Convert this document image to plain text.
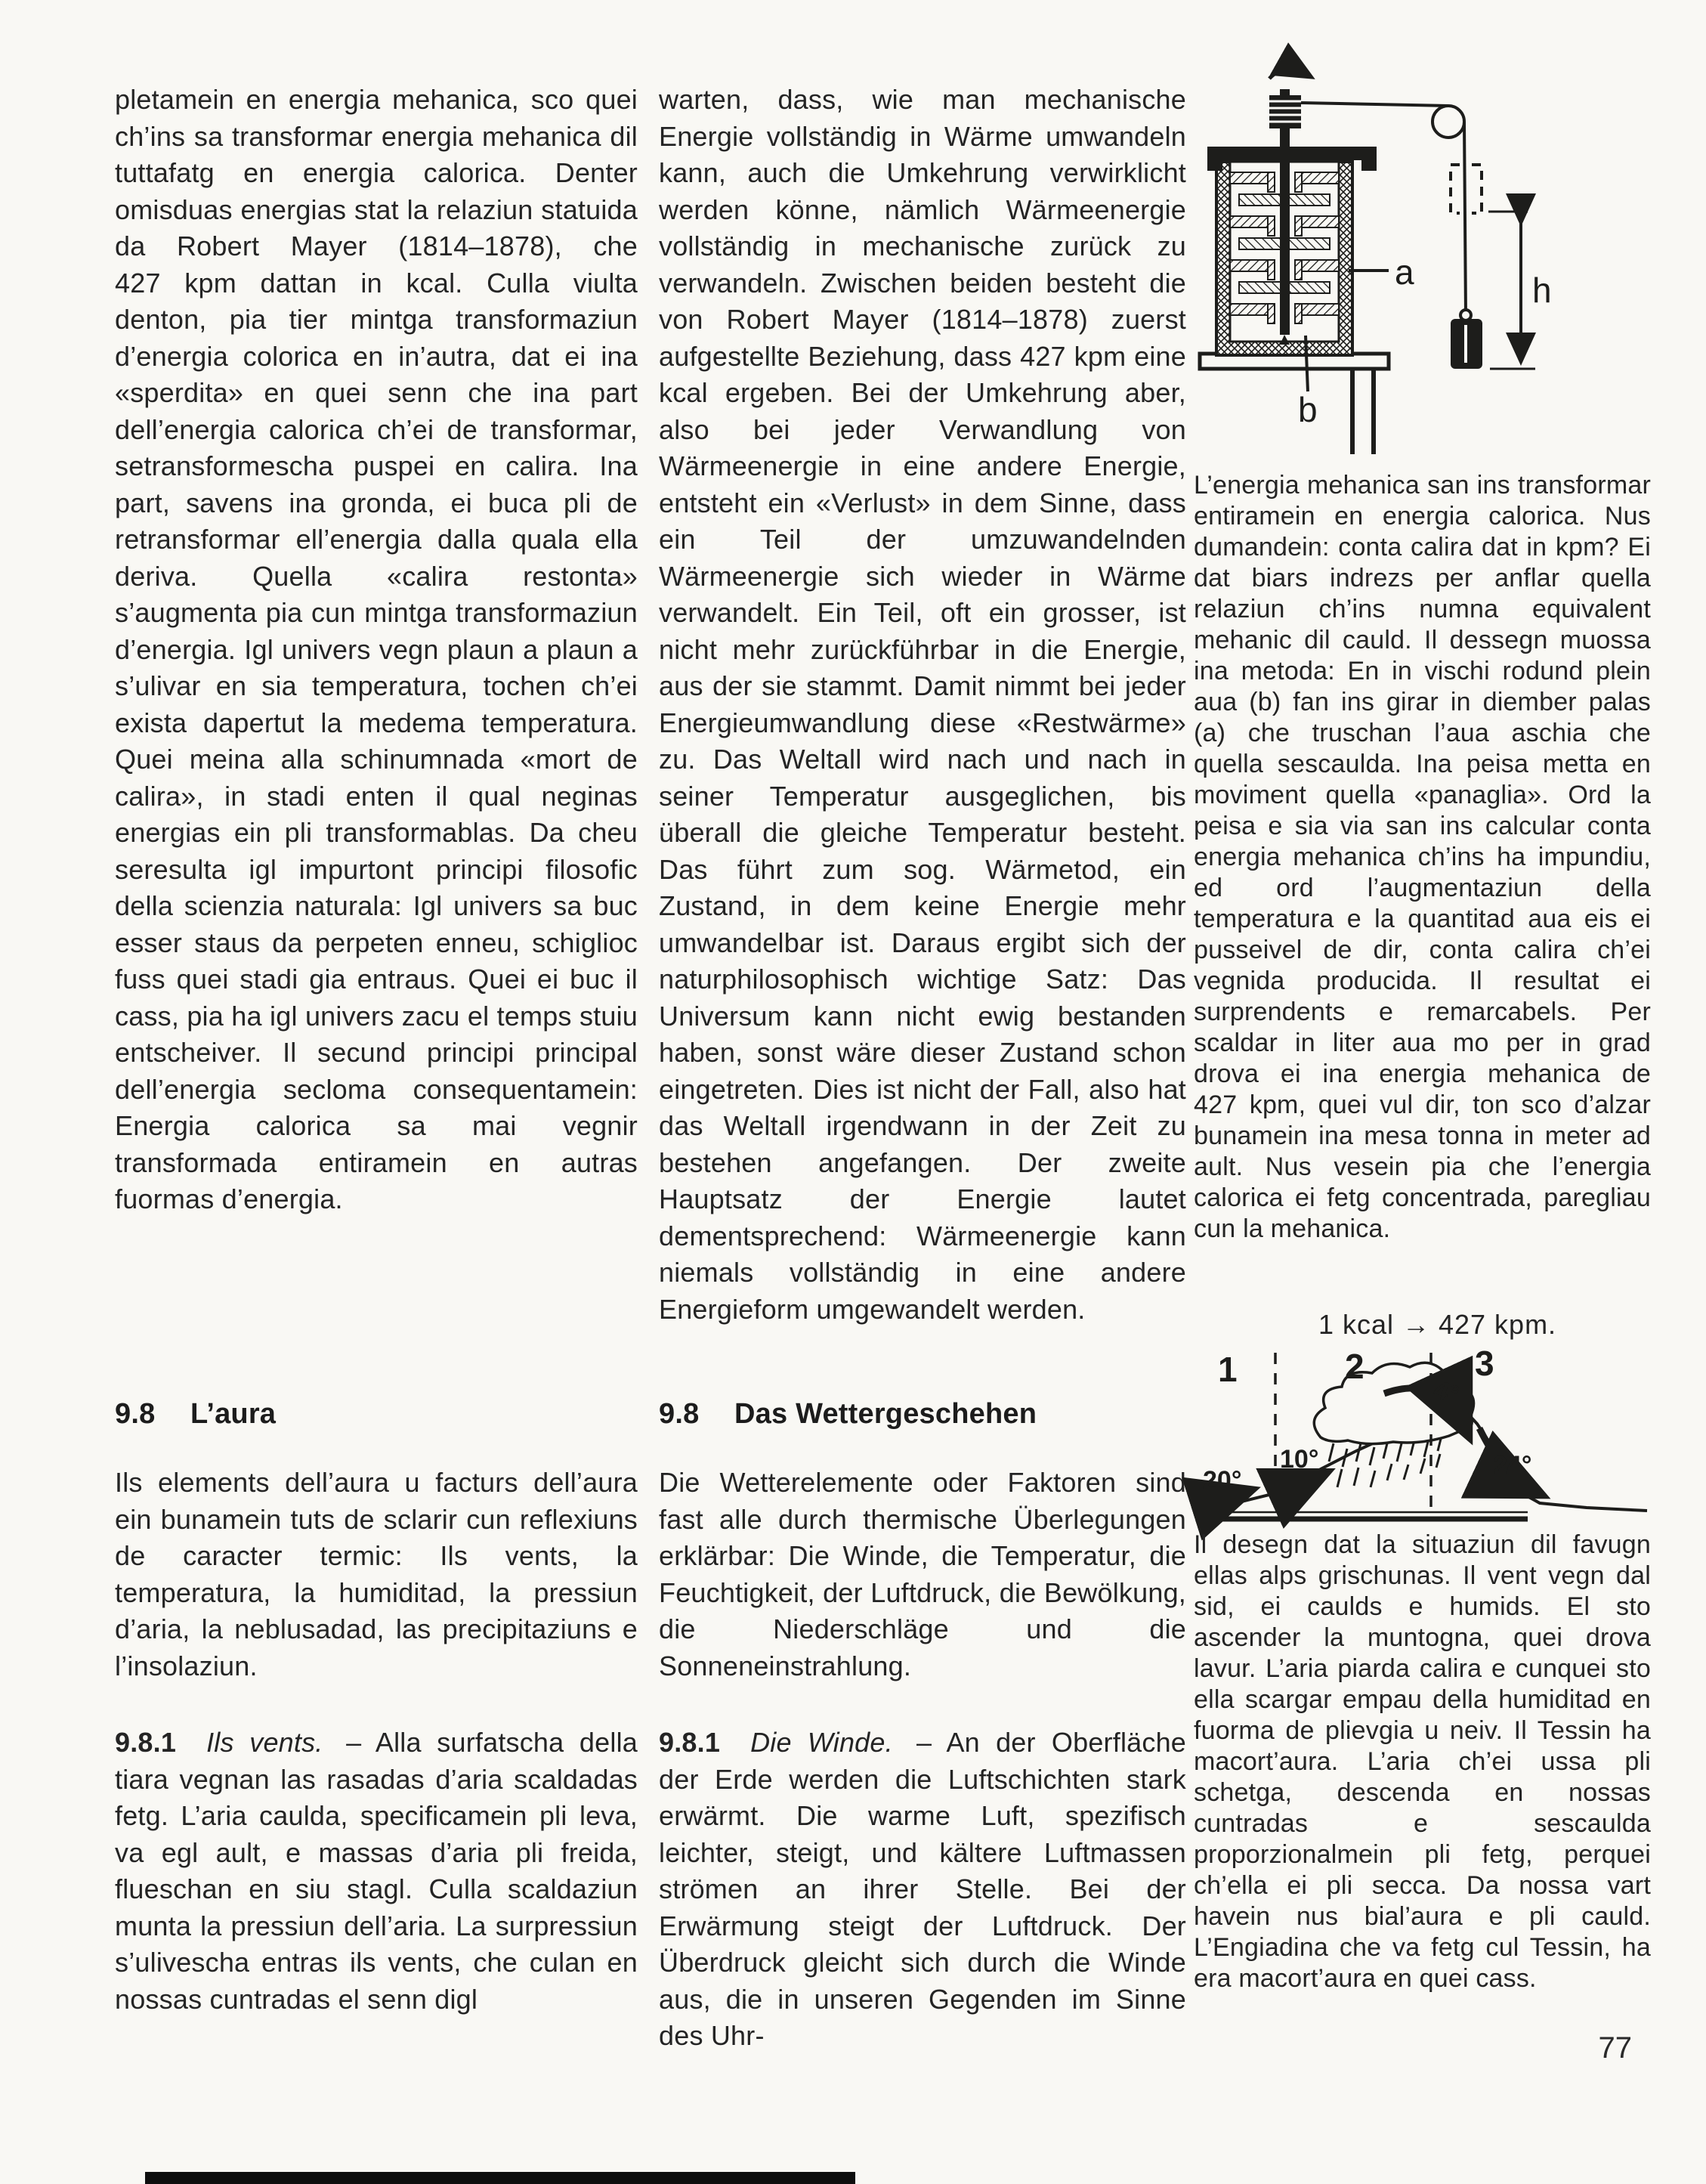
pletamein en energia mehanica, sco quei ch’ins sa transformar energia mehanica dil tuttafatg en energia calorica. Denter omisduas energias stat la relaziun statuida da Robert Mayer (1814–1878), che 427 kpm dattan in kcal. Culla viulta denton, pia tier mintga transformaziun d’energia colorica en in’autra, dat ei ina «sperdita» en quei senn che ina part dell’energia calorica ch’ei de transformar, setransformescha puspei en calira. Ina part, savens ina gronda, ei buca pli de retransformar ell’energia dalla quala ella deriva. Quella «calira restonta» s’augmenta pia cun mintga transformaziun d’energia. Igl univers vegn plaun a plaun a s’ulivar en sia temperatura, tochen ch’ei exista dapertut la medema temperatura. Quei meina alla schinumnada «mort de calira», in stadi enten il qual neginas energias ein pli transformablas. Da cheu seresulta igl impurtont principi filosofic della scienzia naturala: Igl univers sa buc esser staus da perpeten enneu, schiglioc fuss quei stadi gia entraus. Quei ei buc il cass, pia ha igl univers zacu el temps stuiu entscheiver. Il secund principi principal dell’energia secloma consequentamein: Energia calorica sa mai vegnir transformada entiramein en autras fuormas d’energia.

9.8 L’aura

Ils elements dell’aura u facturs dell’aura ein bunamein tuts de sclarir cun reflexiuns de caracter termic: Ils vents, la temperatura, la humiditad, la pressiun d’aria, la neblusadad, las precipitaziuns e l’insolaziun.

9.8.1 Ils vents. – Alla surfatscha della tiara vegnan las rasadas d’aria scaldadas fetg. L’aria caulda, specificamein pli leva, va egl ault, e massas d’aria pli freida, flueschan en siu stagl. Culla scaldaziun munta la pressiun dell’aria. La surpressiun s’ulivescha entras ils vents, che culan en nossas cuntradas el senn digl

warten, dass, wie man mechanische Energie vollständig in Wärme umwandeln kann, auch die Umkehrung verwirklicht werden könne, nämlich Wärmeenergie vollständig in mechanische zurück zu verwandeln. Zwischen beiden besteht die von Robert Mayer (1814–1878) zuerst aufgestellte Beziehung, dass 427 kpm eine kcal ergeben. Bei der Umkehrung aber, also bei jeder Verwandlung von Wärmeenergie in eine andere Energie, entsteht ein «Verlust» in dem Sinne, dass ein Teil der umzuwandelnden Wärmeenergie sich wieder in Wärme verwandelt. Ein Teil, oft ein grosser, ist nicht mehr zurückführbar in die Energie, aus der sie stammt. Damit nimmt bei jeder Energieumwandlung diese «Restwärme» zu. Das Weltall wird nach und nach in seiner Temperatur ausgeglichen, bis überall die gleiche Temperatur besteht. Das führt zum sog. Wärmetod, ein Zustand, in dem keine Energie mehr umwandelbar ist. Daraus ergibt sich der naturphilosophisch wichtige Satz: Das Universum kann nicht ewig bestanden haben, sonst wäre dieser Zustand schon eingetreten. Dies ist nicht der Fall, also hat das Weltall irgendwann in der Zeit zu bestehen angefangen. Der zweite Hauptsatz der Energie lautet dementsprechend: Wärmeenergie kann niemals vollständig in eine andere Energieform umgewandelt werden.

9.8 Das Wettergeschehen

Die Wetterelemente oder Faktoren sind fast alle durch thermische Überlegungen erklärbar: Die Winde, die Temperatur, die Feuchtigkeit, der Luftdruck, die Bewölkung, die Niederschläge und die Sonneneinstrahlung.

9.8.1 Die Winde. – An der Oberfläche der Erde werden die Luftschichten stark erwärmt. Die warme Luft, spezifisch leichter, steigt, und kältere Luftmassen strömen an ihrer Stelle. Bei der Erwärmung steigt der Luftdruck. Der Überdruck gleicht sich durch die Winde aus, die in unseren Gegenden im Sinne des Uhr-

a
b
h

L’energia mehanica san ins transformar entiramein en energia calorica. Nus dumandein: conta calira dat in kpm? Ei dat biars indrezs per anflar quella relaziun ch’ins numna equivalent mehanic dil cauld. Il dessegn muossa ina metoda: En in vischi rodund plein aua (b) fan ins girar in diember palas (a) che truschan l’aua aschia che quella sescaulda. Ina peisa metta en moviment quella «panaglia». Ord la peisa e sia via san ins calcular conta energia mehanica ch’ins ha impundiu, ed ord l’augmentaziun della temperatura e la quantitad aua eis ei pusseivel de dir, conta calira ch’ei vegnida producida. Il resultat ei surprendents e remarcabels. Per scaldar in liter aua mo per in grad drova ei ina energia mehanica de 427 kpm, quei vul dir, ton sco d’alzar bunamein ina mesa tonna in meter ad ault. Nus vesein pia che l’energia calorica ei fetg concentrada, paregliau cun la mehanica.

1 kcal → 427 kpm.
1	2	3
20°
10°
4°
24°

Il desegn dat la situaziun dil favugn ellas alps grischunas. Il vent vegn dal sid, ei caulds e humids. El sto ascender la muntogna, quei drova lavur. L’aria piarda calira e cunquei sto ella scargar empau della humiditad en fuorma de plievgia u neiv. Il Tessin ha macort’aura. L’aria ch’ei ussa pli schetga, descenda en nossas cuntradas e sescaulda proporzionalmein pli fetg, perquei ch’ella ei pli secca. Da nossa vart havein nus bial’aura e pli cauld. L’Engiadina che va fetg cul Tessin, ha era macort’aura en quei cass.

77
